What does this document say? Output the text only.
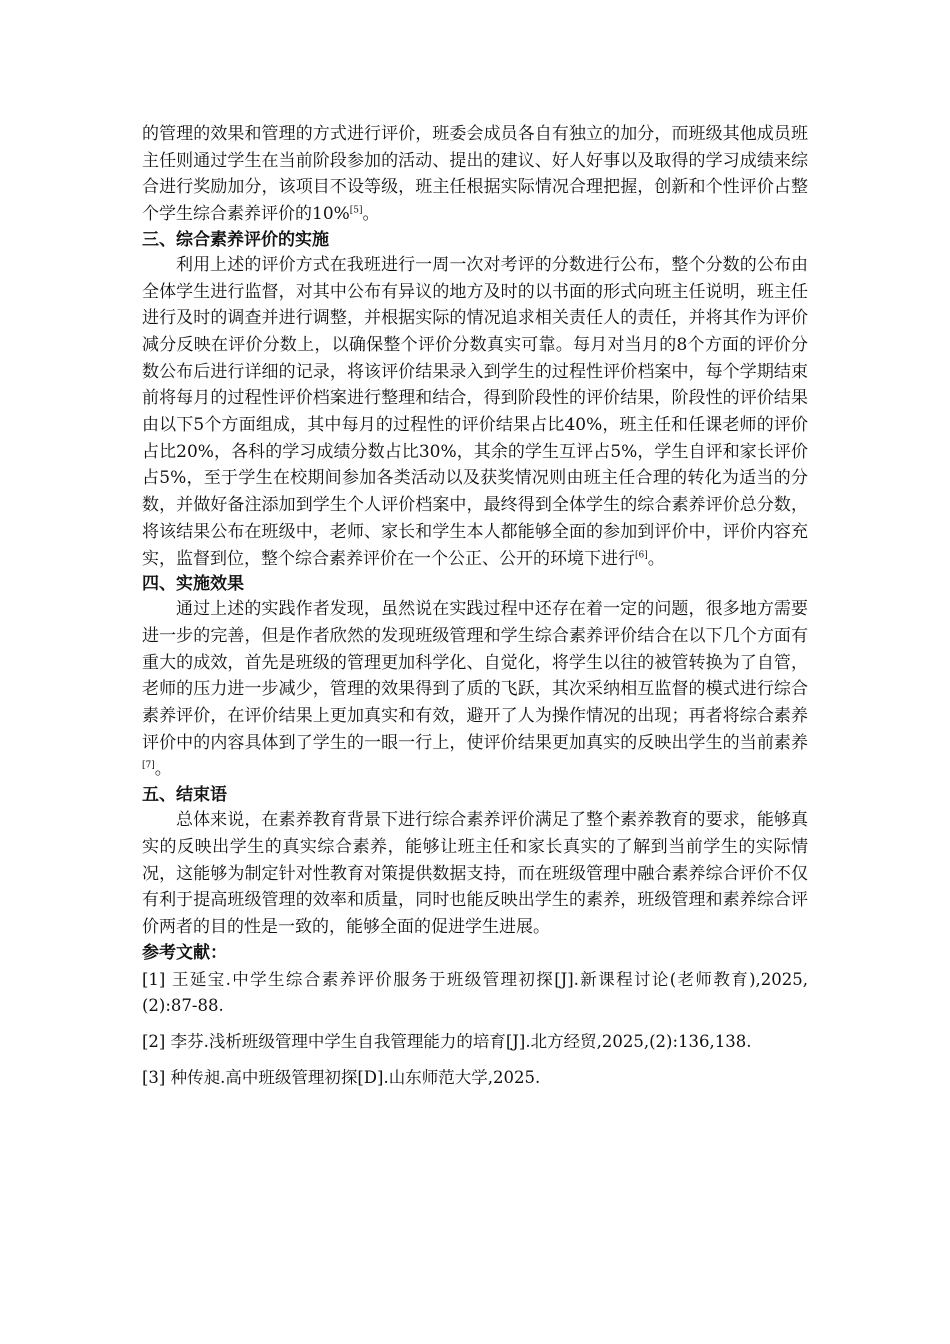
的管理的效果和管理的方式进行评价，班委会成员各自有独立的加分，而班级其他成员班主任则通过学生在当前阶段参加的活动、提出的建议、好人好事以及取得的学习成绩来综合进行奖励加分，该项目不设等级，班主任根据实际情况合理把握，创新和个性评价占整个学生综合素养评价的10%[5]。

三、综合素养评价的实施

利用上述的评价方式在我班进行一周一次对考评的分数进行公布，整个分数的公布由全体学生进行监督，对其中公布有异议的地方及时的以书面的形式向班主任说明，班主任进行及时的调查并进行调整，并根据实际的情况追求相关责任人的责任，并将其作为评价减分反映在评价分数上，以确保整个评价分数真实可靠。每月对当月的8个方面的评价分数公布后进行详细的记录，将该评价结果录入到学生的过程性评价档案中，每个学期结束前将每月的过程性评价档案进行整理和结合，得到阶段性的评价结果，阶段性的评价结果由以下5个方面组成，其中每月的过程性的评价结果占比40%，班主任和任课老师的评价占比20%，各科的学习成绩分数占比30%，其余的学生互评占5%，学生自评和家长评价占5%，至于学生在校期间参加各类活动以及获奖情况则由班主任合理的转化为适当的分数，并做好备注添加到学生个人评价档案中，最终得到全体学生的综合素养评价总分数，将该结果公布在班级中，老师、家长和学生本人都能够全面的参加到评价中，评价内容充实，监督到位，整个综合素养评价在一个公正、公开的环境下进行[6]。

四、实施效果

通过上述的实践作者发现，虽然说在实践过程中还存在着一定的问题，很多地方需要进一步的完善，但是作者欣然的发现班级管理和学生综合素养评价结合在以下几个方面有重大的成效，首先是班级的管理更加科学化、自觉化，将学生以往的被管转换为了自管，老师的压力进一步减少，管理的效果得到了质的飞跃，其次采纳相互监督的模式进行综合素养评价，在评价结果上更加真实和有效，避开了人为操作情况的出现；再者将综合素养评价中的内容具体到了学生的一眼一行上，使评价结果更加真实的反映出学生的当前素养[7]。

五、结束语

总体来说，在素养教育背景下进行综合素养评价满足了整个素养教育的要求，能够真实的反映出学生的真实综合素养，能够让班主任和家长真实的了解到当前学生的实际情况，这能够为制定针对性教育对策提供数据支持，而在班级管理中融合素养综合评价不仅有利于提高班级管理的效率和质量，同时也能反映出学生的素养，班级管理和素养综合评价两者的目的性是一致的，能够全面的促进学生进展。

参考文献：

[1] 王延宝.中学生综合素养评价服务于班级管理初探[J].新课程讨论(老师教育),2025,(2):87-88.

[2] 李芬.浅析班级管理中学生自我管理能力的培育[J].北方经贸,2025,(2):136,138.

[3] 种传昶.高中班级管理初探[D].山东师范大学,2025.
